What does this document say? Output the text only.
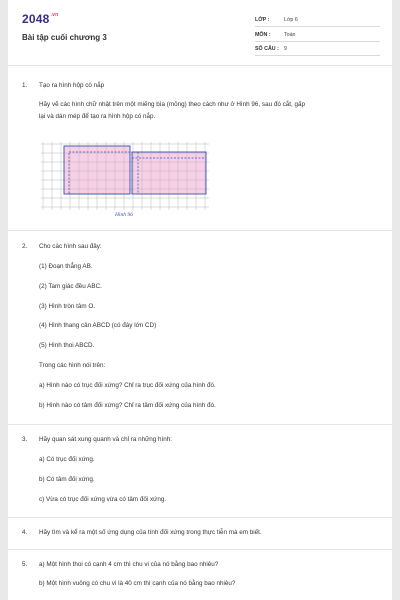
$2048^{.vn}$
Bài tập cuối chương 3
LỚP :	Lớp 6
MÔN :	Toán
SỐ CÂU : 9
1. Tạo ra hình hộp có nắp
Hãy vẽ các hình chữ nhật trên một miếng bìa (mỏng) theo cách như ở Hình 96, sau đó cắt, gấp
lại và dán mép để tạo ra hình hộp có nắp.
Hình 96
2. Cho các hình sau đây:
(1) Đoạn thẳng AB.
(2) Tam giác đều ABC.
(3) Hình tròn tâm O.
(4) Hình thang cân ABCD (có đáy lớn CD)
(5) Hình thoi ABCD.
Trong các hình nói trên:
a) Hình nào có trục đối xứng? Chỉ ra trục đối xứng của hình đó.
b) Hình nào có tâm đối xứng? Chỉ ra tâm đối xứng của hình đó.
3. Hãy quan sát xung quanh và chỉ ra những hình:
a) Có trục đối xứng.
b) Có tâm đối xứng.
c) Vừa có trục đối xứng vừa có tâm đối xứng.
4. Hãy tìm và kể ra một số ứng dụng của tính đối xứng trong thực tiễn mà em biết.
5. a) Một hình thoi có cạnh 4 cm thì chu vi của nó bằng bao nhiêu?
b) Một hình vuông có chu vi là 40 cm thì cạnh của nó bằng bao nhiêu?
